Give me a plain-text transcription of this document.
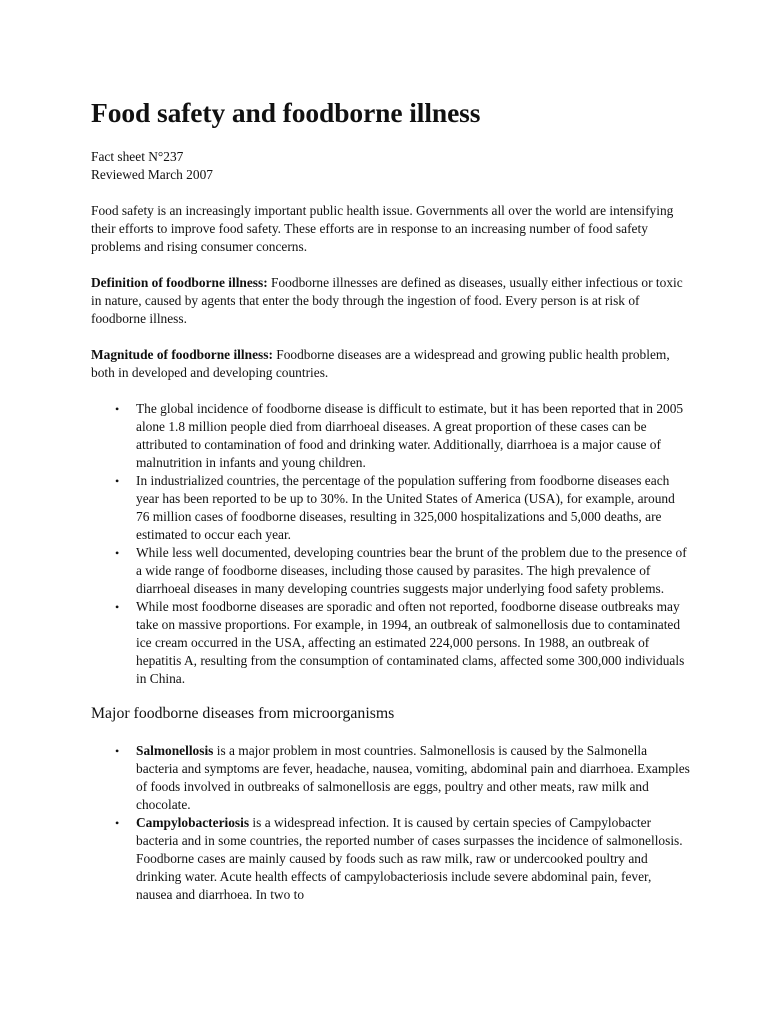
Food safety and foodborne illness
Fact sheet N°237
Reviewed March 2007

Food safety is an increasingly important public health issue. Governments all over the world are intensifying their efforts to improve food safety. These efforts are in response to an increasing number of food safety problems and rising consumer concerns.

Definition of foodborne illness: Foodborne illnesses are defined as diseases, usually either infectious or toxic in nature, caused by agents that enter the body through the ingestion of food. Every person is at risk of foodborne illness.

Magnitude of foodborne illness: Foodborne diseases are a widespread and growing public health problem, both in developed and developing countries.

• The global incidence of foodborne disease is difficult to estimate, but it has been reported that in 2005 alone 1.8 million people died from diarrhoeal diseases. A great proportion of these cases can be attributed to contamination of food and drinking water. Additionally, diarrhoea is a major cause of malnutrition in infants and young children.
• In industrialized countries, the percentage of the population suffering from foodborne diseases each year has been reported to be up to 30%. In the United States of America (USA), for example, around 76 million cases of foodborne diseases, resulting in 325,000 hospitalizations and 5,000 deaths, are estimated to occur each year.
• While less well documented, developing countries bear the brunt of the problem due to the presence of a wide range of foodborne diseases, including those caused by parasites. The high prevalence of diarrhoeal diseases in many developing countries suggests major underlying food safety problems.
• While most foodborne diseases are sporadic and often not reported, foodborne disease outbreaks may take on massive proportions. For example, in 1994, an outbreak of salmonellosis due to contaminated ice cream occurred in the USA, affecting an estimated 224,000 persons. In 1988, an outbreak of hepatitis A, resulting from the consumption of contaminated clams, affected some 300,000 individuals in China.
Major foodborne diseases from microorganisms
• Salmonellosis is a major problem in most countries. Salmonellosis is caused by the Salmonella bacteria and symptoms are fever, headache, nausea, vomiting, abdominal pain and diarrhoea. Examples of foods involved in outbreaks of salmonellosis are eggs, poultry and other meats, raw milk and chocolate.
• Campylobacteriosis is a widespread infection. It is caused by certain species of Campylobacter bacteria and in some countries, the reported number of cases surpasses the incidence of salmonellosis. Foodborne cases are mainly caused by foods such as raw milk, raw or undercooked poultry and drinking water. Acute health effects of campylobacteriosis include severe abdominal pain, fever, nausea and diarrhoea. In two to
